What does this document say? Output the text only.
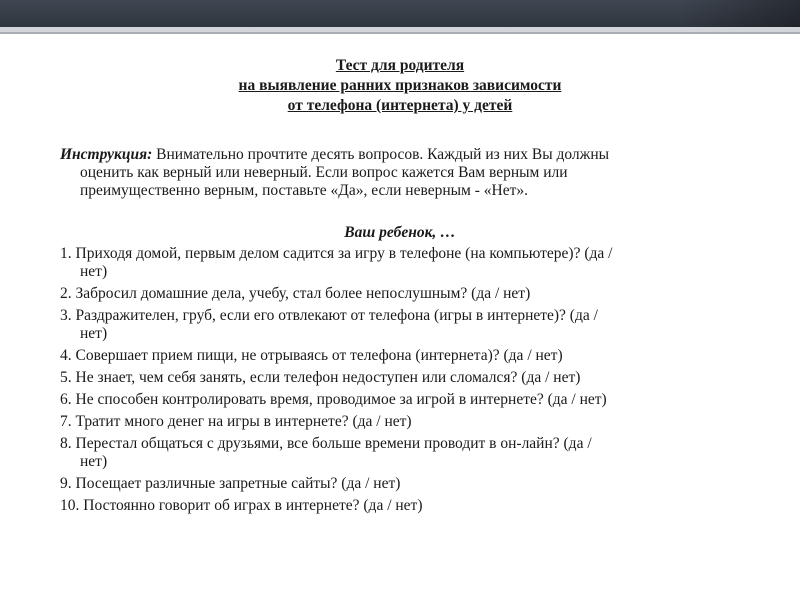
Тест для родителя
на выявление ранних признаков зависимости
от телефона (интернета) у детей
Инструкция: Внимательно прочтите десять вопросов. Каждый из них Вы должны
оценить как верный или неверный. Если вопрос кажется Вам верным или
преимущественно верным, поставьте «Да», если неверным - «Нет».
Ваш ребенок, …
1. Приходя домой, первым делом садится за игру в телефоне (на компьютере)? (да /
нет)
2. Забросил домашние дела, учебу, стал более непослушным? (да / нет)
3. Раздражителен, груб, если его отвлекают от телефона (игры в интернете)? (да /
нет)
4. Совершает прием пищи, не отрываясь от телефона (интернета)? (да / нет)
5. Не знает, чем себя занять, если телефон недоступен или сломался? (да / нет)
6. Не способен контролировать время, проводимое за игрой в интернете? (да / нет)
7. Тратит много денег на игры в интернете? (да / нет)
8. Перестал общаться с друзьями, все больше времени проводит в он-лайн? (да /
нет)
9. Посещает различные запретные сайты? (да / нет)
10. Постоянно говорит об играх в интернете? (да / нет)
